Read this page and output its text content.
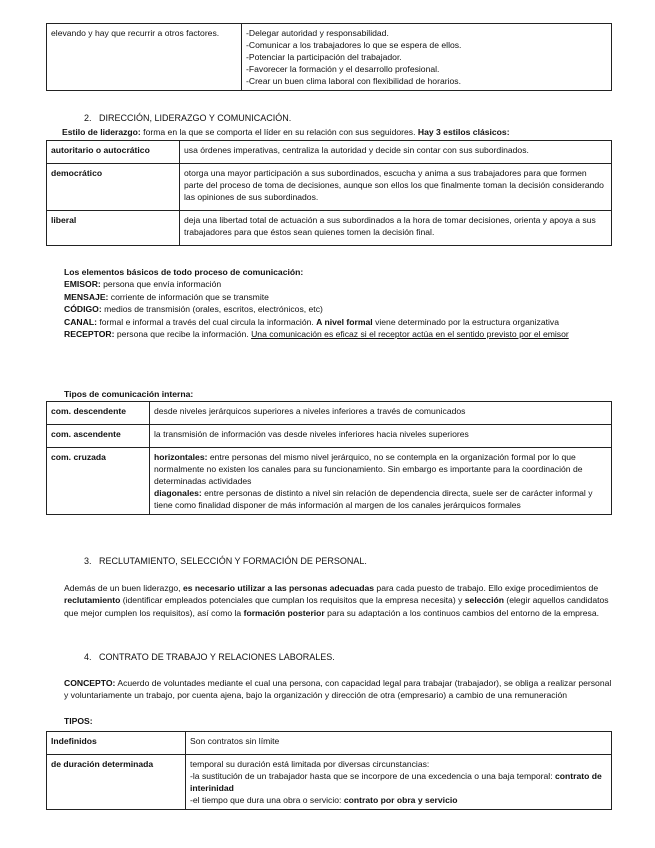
elevando y hay que recurrir a otros factores.	-Delegar autoridad y responsabilidad.
-Comunicar a los trabajadores lo que se espera de ellos.
-Potenciar la participación del trabajador.
-Favorecer la formación y el desarrollo profesional.
-Crear un buen clima laboral con flexibilidad de horarios.
2. DIRECCIÓN, LIDERAZGO Y COMUNICACIÓN.
Estilo de liderazgo: forma en la que se comporta el líder en su relación con sus seguidores. Hay 3 estilos clásicos:
autoritario o autocrático	usa órdenes imperativas, centraliza la autoridad y decide sin contar con sus subordinados.
democrático	otorga una mayor participación a sus subordinados, escucha y anima a sus trabajadores para que formen parte del proceso de toma de decisiones, aunque son ellos los que finalmente toman la decisión considerando las opiniones de sus subordinados.
liberal	deja una libertad total de actuación a sus subordinados a la hora de tomar decisiones, orienta y apoya a sus trabajadores para que éstos sean quienes tomen la decisión final.
Los elementos básicos de todo proceso de comunicación:
EMISOR: persona que envía información
MENSAJE: corriente de información que se transmite
CÓDIGO: medios de transmisión (orales, escritos, electrónicos, etc)
CANAL: formal e informal a través del cual circula la información. A nivel formal viene determinado por la estructura organizativa
RECEPTOR: persona que recibe la información. Una comunicación es eficaz si el receptor actúa en el sentido previsto por el emisor
Tipos de comunicación interna:
com. descendente	desde niveles jerárquicos superiores a niveles inferiores a través de comunicados
com. ascendente	la transmisión de información vas desde niveles inferiores hacia niveles superiores
com. cruzada	horizontales: entre personas del mismo nivel jerárquico, no se contempla en la organización formal por lo que normalmente no existen los canales para su funcionamiento. Sin embargo es importante para la coordinación de determinadas actividades
diagonales: entre personas de distinto a nivel sin relación de dependencia directa, suele ser de carácter informal y tiene como finalidad disponer de más información al margen de los canales jerárquicos formales
3. RECLUTAMIENTO, SELECCIÓN Y FORMACIÓN DE PERSONAL.
Además de un buen liderazgo, es necesario utilizar a las personas adecuadas para cada puesto de trabajo. Ello exige procedimientos de reclutamiento (identificar empleados potenciales que cumplan los requisitos que la empresa necesita) y selección (elegir aquellos candidatos que mejor cumplen los requisitos), así como la formación posterior para su adaptación a los continuos cambios del entorno de la empresa.
4. CONTRATO DE TRABAJO Y RELACIONES LABORALES.
CONCEPTO: Acuerdo de voluntades mediante el cual una persona, con capacidad legal para trabajar (trabajador), se obliga a realizar personal y voluntariamente un trabajo, por cuenta ajena, bajo la organización y dirección de otra (empresario) a cambio de una remuneración
TIPOS:
Indefinidos	Son contratos sin límite
de duración determinada	temporal su duración está limitada por diversas circunstancias:
-la sustitución de un trabajador hasta que se incorpore de una excedencia o una baja temporal: contrato de interinidad
-el tiempo que dura una obra o servicio: contrato por obra y servicio
